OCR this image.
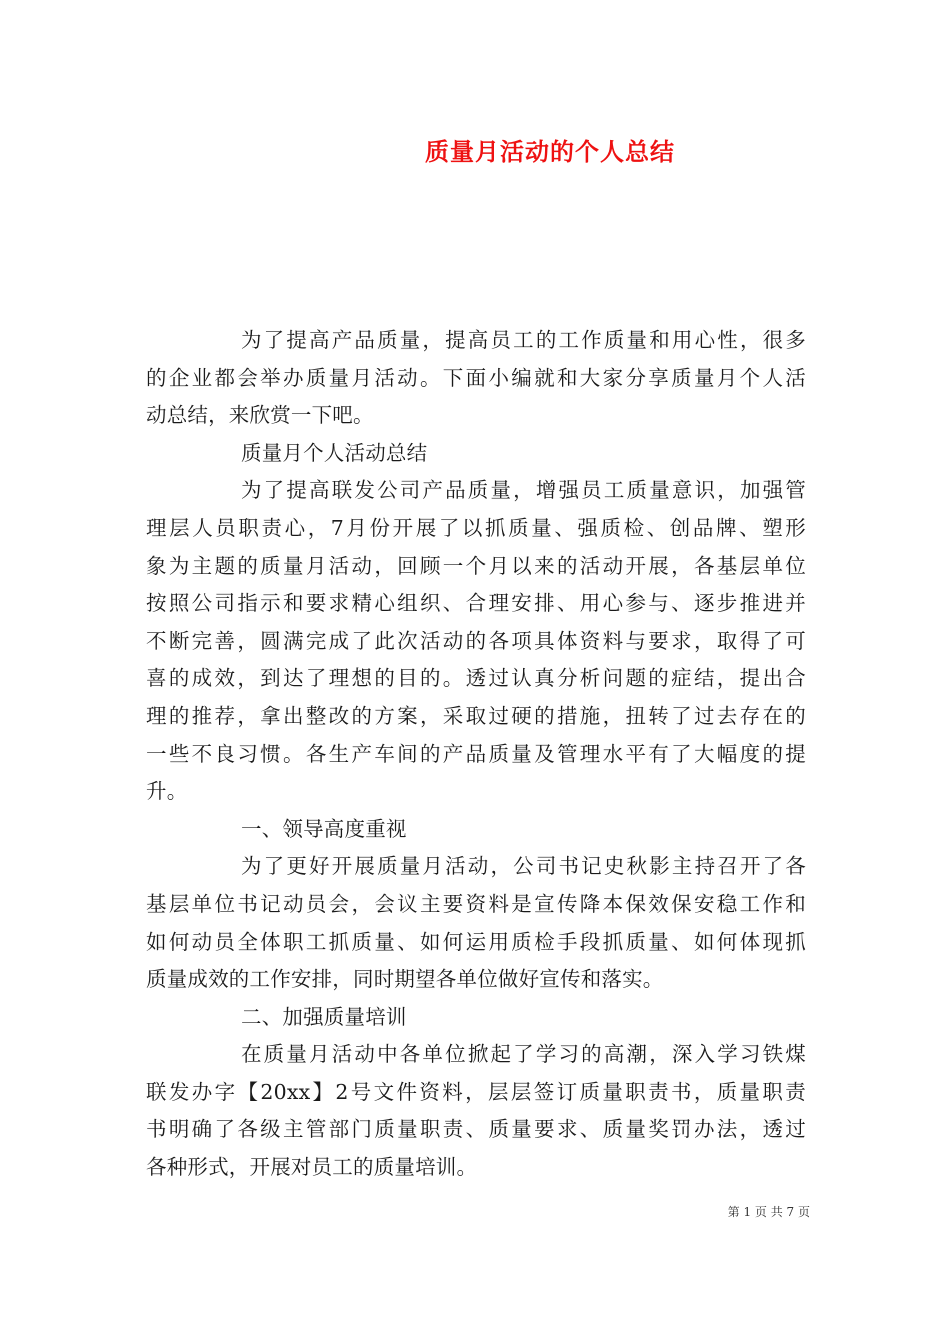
质量月活动的个人总结
为了提高产品质量，提高员工的工作质量和用心性，很多
的企业都会举办质量月活动。下面小编就和大家分享质量月个人活
动总结，来欣赏一下吧。
质量月个人活动总结
为了提高联发公司产品质量，增强员工质量意识，加强管
理层人员职责心，7月份开展了以抓质量、强质检、创品牌、塑形
象为主题的质量月活动，回顾一个月以来的活动开展，各基层单位
按照公司指示和要求精心组织、合理安排、用心参与、逐步推进并
不断完善，圆满完成了此次活动的各项具体资料与要求，取得了可
喜的成效，到达了理想的目的。透过认真分析问题的症结，提出合
理的推荐，拿出整改的方案，采取过硬的措施，扭转了过去存在的
一些不良习惯。各生产车间的产品质量及管理水平有了大幅度的提
升。
一、领导高度重视
为了更好开展质量月活动，公司书记史秋影主持召开了各
基层单位书记动员会，会议主要资料是宣传降本保效保安稳工作和
如何动员全体职工抓质量、如何运用质检手段抓质量、如何体现抓
质量成效的工作安排，同时期望各单位做好宣传和落实。
二、加强质量培训
在质量月活动中各单位掀起了学习的高潮，深入学习铁煤
联发办字【20xx】2号文件资料，层层签订质量职责书，质量职责
书明确了各级主管部门质量职责、质量要求、质量奖罚办法，透过
各种形式，开展对员工的质量培训。
第 1 页 共 7 页
